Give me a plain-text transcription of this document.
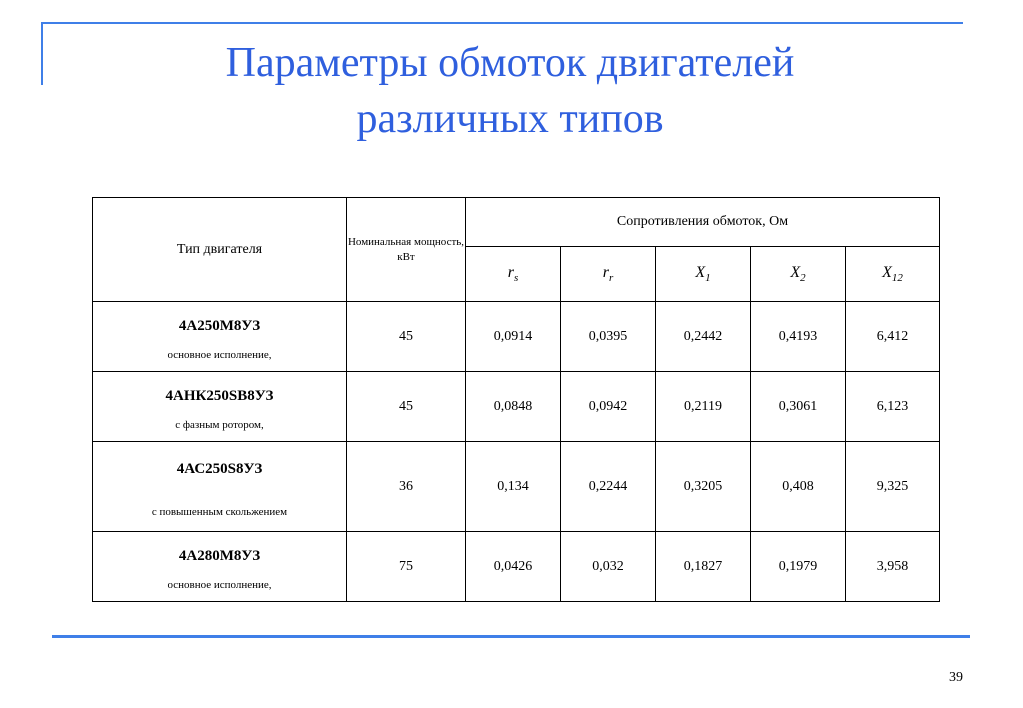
Параметры обмоток двигателей
различных типов
Тип двигателя	Номинальная мощность, кВт	Сопротивления обмоток, Ом				
		$r_s$	$r_r$	$X_1$	$X_2$	$X_{12}$

4А250М8УЗ
основное исполнение,	45	0,0914	0,0395	0,2442	0,4193	6,412

4АНК250SВ8УЗ
с фазным ротором,	45	0,0848	0,0942	0,2119	0,3061	6,123

4АС250S8УЗ
с повышенным скольжением	36	0,134	0,2244	0,3205	0,408	9,325

4А280М8УЗ
основное исполнение,	75	0,0426	0,032	0,1827	0,1979	3,958
39
